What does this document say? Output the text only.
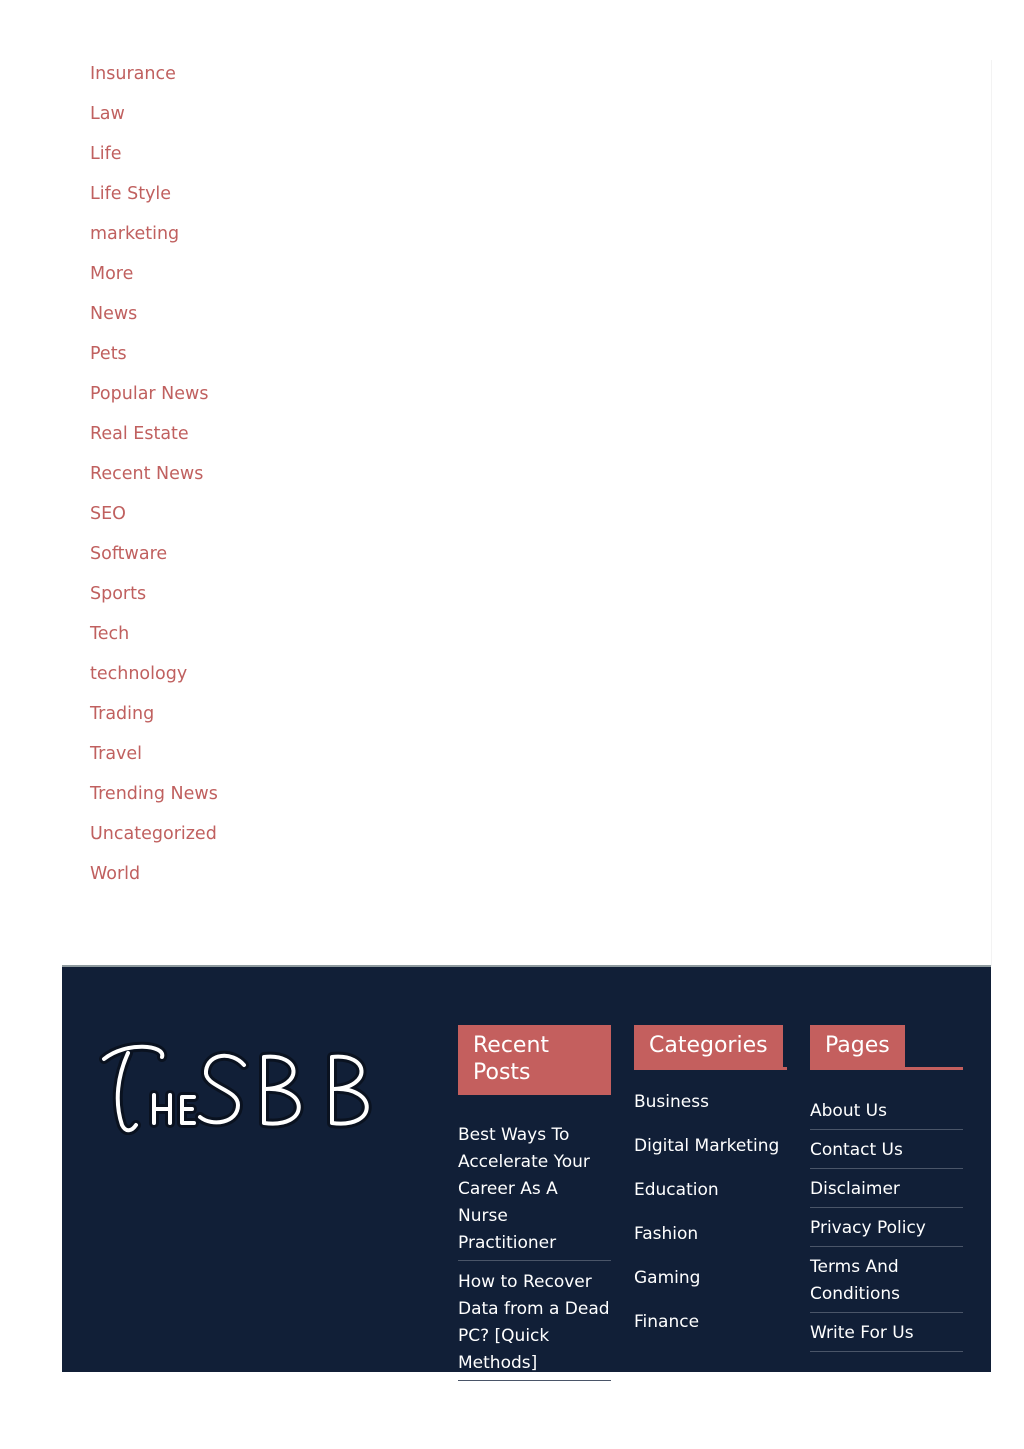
Insurance
Law
Life
Life Style
marketing
More
News
Pets
Popular News
Real Estate
Recent News
SEO
Software
Sports
Tech
technology
Trading
Travel
Trending News
Uncategorized
World
Recent Posts
Best Ways To Accelerate Your Career As A Nurse Practitioner
How to Recover Data from a Dead PC? [Quick Methods]
Categories
Business
Digital Marketing
Education
Fashion
Gaming
Finance
Pages
About Us
Contact Us
Disclaimer
Privacy Policy
Terms And Conditions
Write For Us
